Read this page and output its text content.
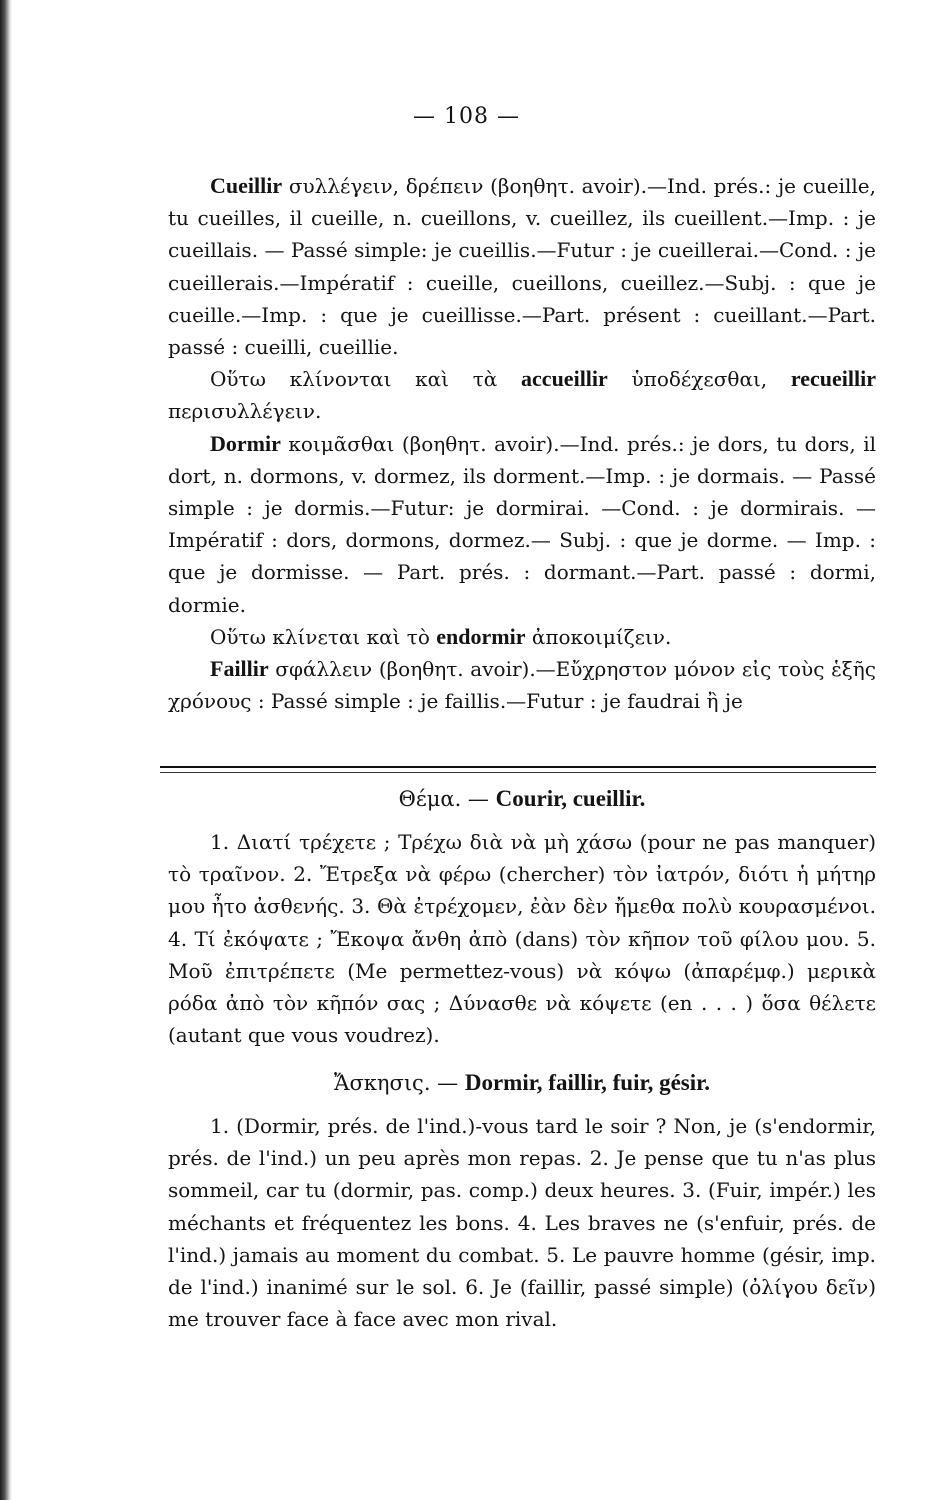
— 108 —

Cueillir συλλέγειν, δρέπειν (βοηθητ. avoir).—Ind. prés.: je cueille, tu cueilles, il cueille, n. cueillons, v. cueillez, ils cueillent.—Imp. : je cueillais. — Passé simple: je cueillis.—Futur : je cueillerai.—Cond. : je cueillerais.—Impératif : cueille, cueillons, cueillez.—Subj. : que je cueille.—Imp. : que je cueillisse.—Part. présent : cueillant.—Part. passé : cueilli, cueillie.

Οὕτω κλίνονται καὶ τὰ accueillir ὑποδέχεσθαι, recueillir περισυλλέγειν.

Dormir κοιμᾶσθαι (βοηθητ. avoir).—Ind. prés.: je dors, tu dors, il dort, n. dormons, v. dormez, ils dorment.—Imp. : je dormais. — Passé simple : je dormis.—Futur: je dormirai. —Cond. : je dormirais. — Impératif : dors, dormons, dormez.— Subj. : que je dorme. — Imp. : que je dormisse. — Part. prés. : dormant.—Part. passé : dormi, dormie.

Οὕτω κλίνεται καὶ τὸ endormir ἀποκοιμίζειν.

Faillir σφάλλειν (βοηθητ. avoir).—Εὔχρηστον μόνον εἰς τοὺς ἑξῆς χρόνους : Passé simple : je faillis.—Futur : je faudrai ἢ je

Θέμα. — Courir, cueillir.

1. Διατί τρέχετε ; Τρέχω διὰ νὰ μὴ χάσω (pour ne pas manquer) τὸ τραῖνον. 2. Ἔτρεξα νὰ φέρω (chercher) τὸν ἰατρόν, διότι ἡ μήτηρ μου ἦτο ἀσθενής. 3. Θὰ ἐτρέχομεν, ἐὰν δὲν ἤμεθα πολὺ κουρασμένοι. 4. Τί ἐκόψατε ; Ἔκοψα ἄνθη ἀπὸ (dans) τὸν κῆπον τοῦ φίλου μου. 5. Μοῦ ἐπιτρέπετε (Me permettez-vous) νὰ κόψω (ἀπαρέμφ.) μερικὰ ρόδα ἀπὸ τὸν κῆπόν σας ; Δύνασθε νὰ κόψετε (en . . . ) ὅσα θέλετε (autant que vous voudrez).

Ἄσκησις. — Dormir, faillir, fuir, gésir.

1. (Dormir, prés. de l'ind.)-vous tard le soir ? Non, je (s'endormir, prés. de l'ind.) un peu après mon repas. 2. Je pense que tu n'as plus sommeil, car tu (dormir, pas. comp.) deux heures. 3. (Fuir, impér.) les méchants et fréquentez les bons. 4. Les braves ne (s'enfuir, prés. de l'ind.) jamais au moment du combat. 5. Le pauvre homme (gésir, imp. de l'ind.) inanimé sur le sol. 6. Je (faillir, passé simple) (ὀλίγου δεῖν) me trouver face à face avec mon rival.
